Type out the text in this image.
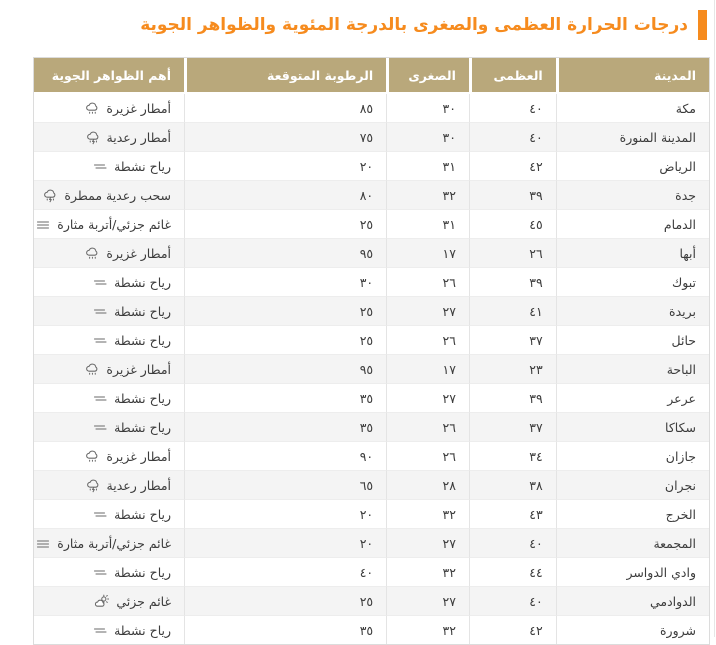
درجات الحرارة العظمى والصغرى بالدرجة المئوية والظواهر الجوية
المدينة	العظمى	الصغرى	الرطوبة المتوقعة	أهم الظواهر الجوية
مكة	٤٠	٣٠	٨٥	أمطار غزيرة
المدينة المنورة	٤٠	٣٠	٧٥	أمطار رعدية
الرياض	٤٢	٣١	٢٠	رياح نشطة
جدة	٣٩	٣٢	٨٠	سحب رعدية ممطرة
الدمام	٤٥	٣١	٢٥	غائم جزئي/أتربة مثارة
أبها	٢٦	١٧	٩٥	أمطار غزيرة
تبوك	٣٩	٢٦	٣٠	رياح نشطة
بريدة	٤١	٢٧	٢٥	رياح نشطة
حائل	٣٧	٢٦	٢٥	رياح نشطة
الباحة	٢٣	١٧	٩٥	أمطار غزيرة
عرعر	٣٩	٢٧	٣٥	رياح نشطة
سكاكا	٣٧	٢٦	٣٥	رياح نشطة
جازان	٣٤	٢٦	٩٠	أمطار غزيرة
نجران	٣٨	٢٨	٦٥	أمطار رعدية
الخرج	٤٣	٣٢	٢٠	رياح نشطة
المجمعة	٤٠	٢٧	٢٠	غائم جزئي/أتربة مثارة
وادي الدواسر	٤٤	٣٢	٤٠	رياح نشطة
الدوادمي	٤٠	٢٧	٢٥	غائم جزئي
شرورة	٤٢	٣٢	٣٥	رياح نشطة
